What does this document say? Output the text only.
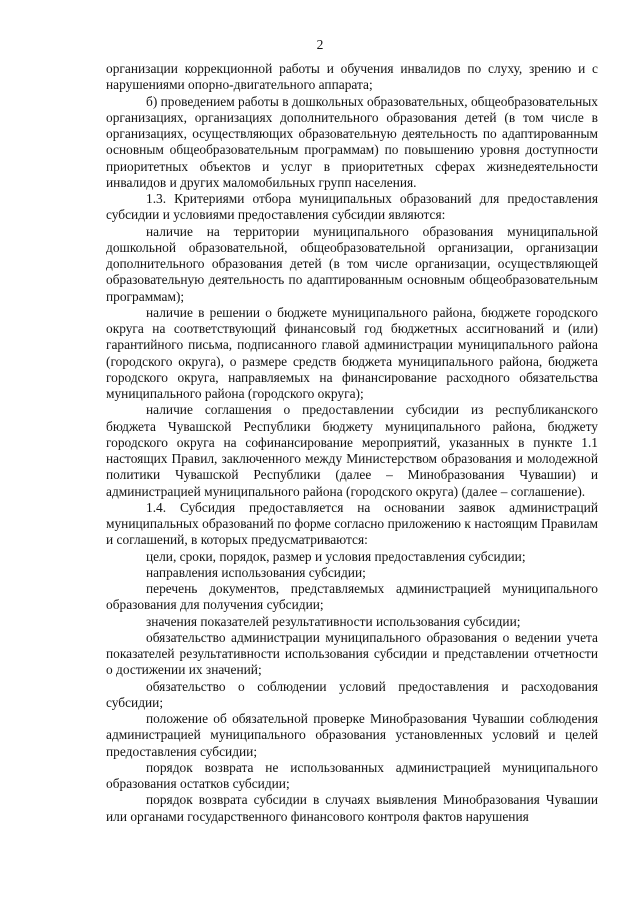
2

организации коррекционной работы и обучения инвалидов по слуху, зрению и с нарушениями опорно-двигательного аппарата;

б) проведением работы в дошкольных образовательных, общеобразовательных организациях, организациях дополнительного образования детей (в том числе в организациях, осуществляющих образовательную деятельность по адаптированным основным общеобразовательным программам) по повышению уровня доступности приоритетных объектов и услуг в приоритетных сферах жизнедеятельности инвалидов и других маломобильных групп населения.

1.3. Критериями отбора муниципальных образований для предоставления субсидии и условиями предоставления субсидии являются:

наличие на территории муниципального образования муниципальной дошкольной образовательной, общеобразовательной организации, организации дополнительного образования детей (в том числе организации, осуществляющей образовательную деятельность по адаптированным основным общеобразовательным программам);

наличие в решении о бюджете муниципального района, бюджете городского округа на соответствующий финансовый год бюджетных ассигнований и (или) гарантийного письма, подписанного главой администрации муниципального района (городского округа), о размере средств бюджета муниципального района, бюджета городского округа, направляемых на финансирование расходного обязательства муниципального района (городского округа);

наличие соглашения о предоставлении субсидии из республиканского бюджета Чувашской Республики бюджету муниципального района, бюджету городского округа на софинансирование мероприятий, указанных в пункте 1.1 настоящих Правил, заключенного между Министерством образования и молодежной политики Чувашской Республики (далее – Минобразования Чувашии) и администрацией муниципального района (городского округа) (далее – соглашение).

1.4. Субсидия предоставляется на основании заявок администраций муниципальных образований по форме согласно приложению к настоящим Правилам и соглашений, в которых предусматриваются:

цели, сроки, порядок, размер и условия предоставления субсидии;

направления использования субсидии;

перечень документов, представляемых администрацией муниципального образования для получения субсидии;

значения показателей результативности использования субсидии;

обязательство администрации муниципального образования о ведении учета показателей результативности использования субсидии и представлении отчетности о достижении их значений;

обязательство о соблюдении условий предоставления и расходования субсидии;

положение об обязательной проверке Минобразования Чувашии соблюдения администрацией муниципального образования установленных условий и целей предоставления субсидии;

порядок возврата не использованных администрацией муниципального образования остатков субсидии;

порядок возврата субсидии в случаях выявления Минобразования Чувашии или органами государственного финансового контроля фактов нарушения
